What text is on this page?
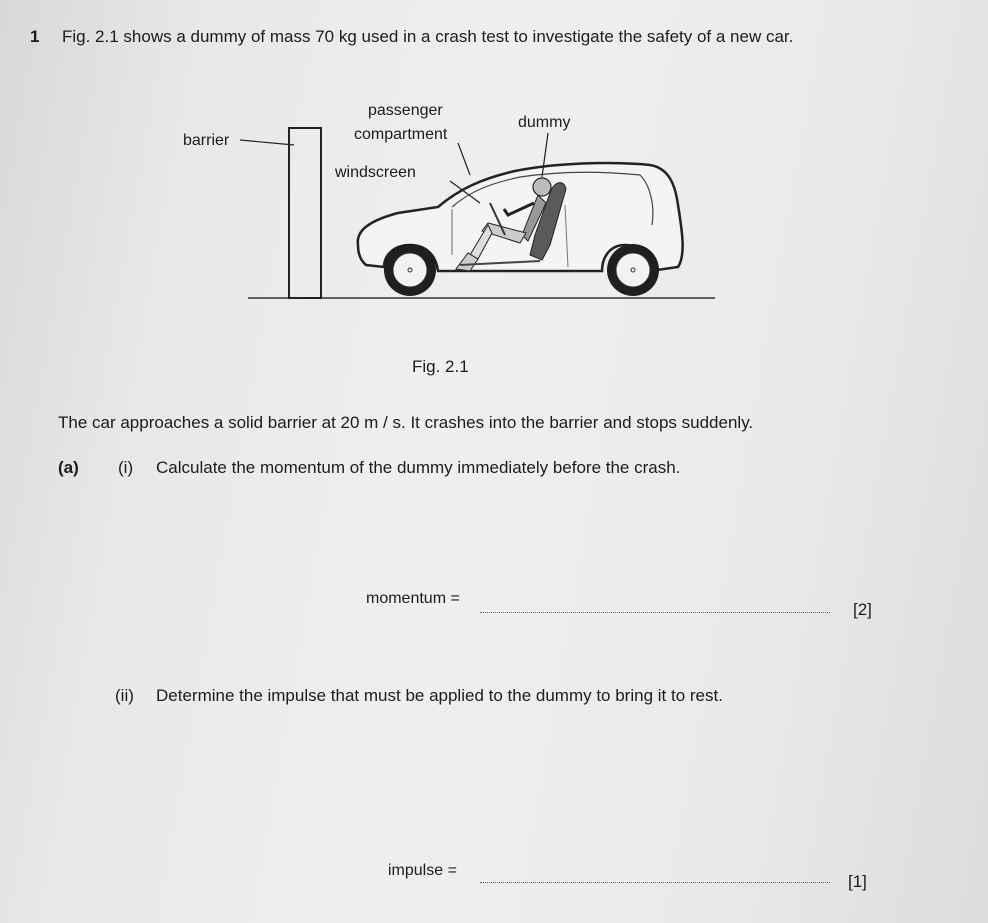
1 Fig. 2.1 shows a dummy of mass 70 kg used in a crash test to investigate the safety of a new car.
barrier
passenger
compartment
dummy
windscreen
Fig. 2.1
The car approaches a solid barrier at 20 m / s. It crashes into the barrier and stops suddenly.
(a) (i) Calculate the momentum of the dummy immediately before the crash.
momentum =
[2]
(ii) Determine the impulse that must be applied to the dummy to bring it to rest.
impulse =
[1]
